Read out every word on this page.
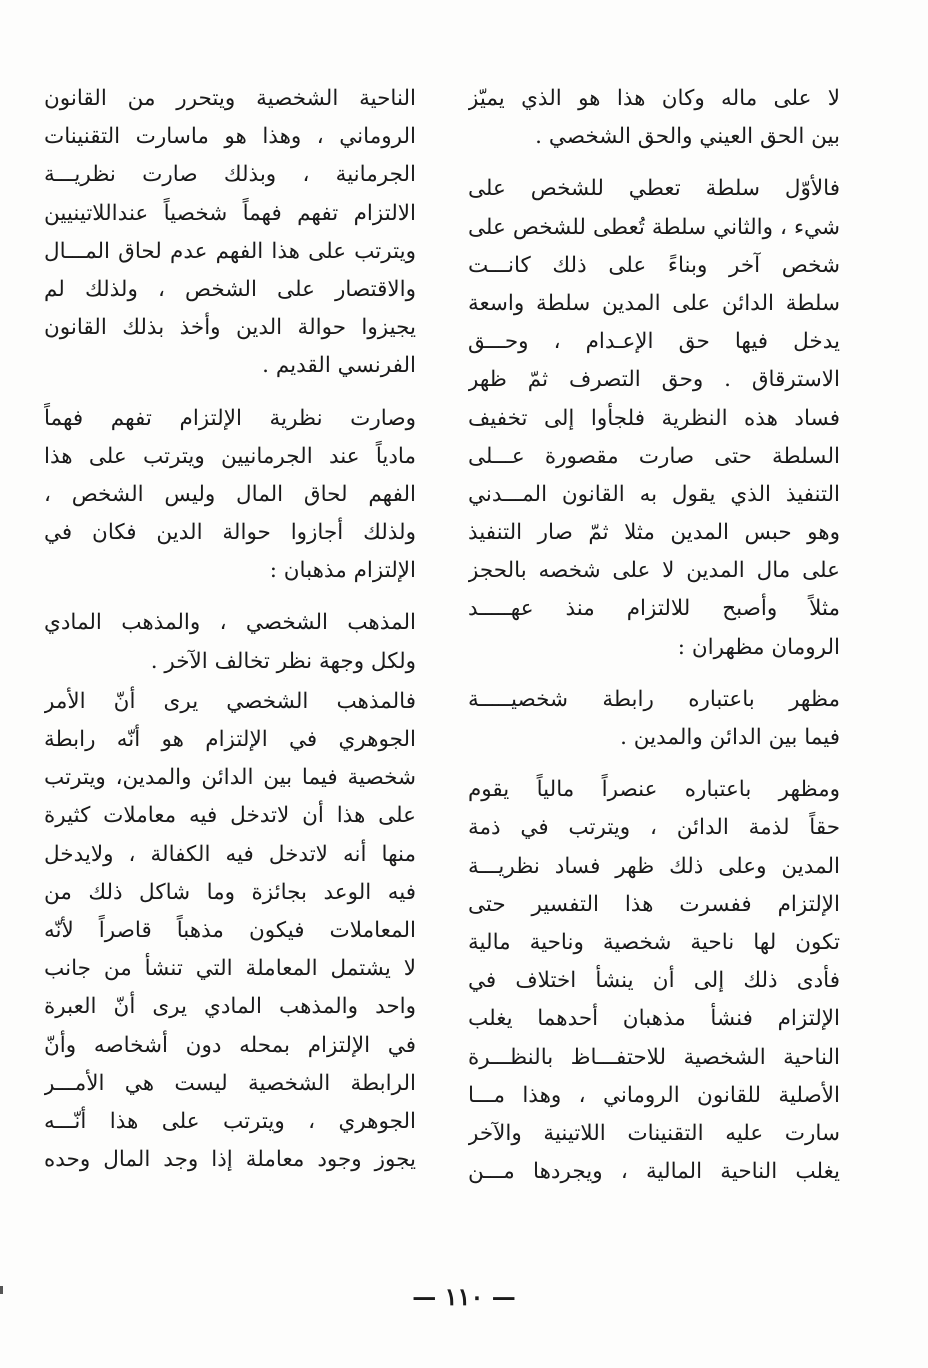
لا على ماله وكان هذا هو الذي يميّز
بين الحق العيني والحق الشخصي .
فالأوّل سلطة تعطي للشخص على
شيء ، والثاني سلطة تُعطى للشخص على
شخص آخر وبناءً على ذلك كانـــت
سلطة الدائن على المدين سلطة واسعة
يدخل فيها حق الإعـدام ، وحـــق
الاسترقاق . وحق التصرف ثمّ ظهر
فساد هذه النظرية فلجأوا إلى تخفيف
السلطة حتى صارت مقصورة عـــلى
التنفيذ الذي يقول به القانون المـــدني
وهو حبس المدين مثلا ثمّ صار التنفيذ
على مال المدين لا على شخصه بالحجز
مثلاً وأصبح للالتزام منذ عهـــــد
الرومان مظهران :
مظهر باعتباره رابطة شخصيـــــة
فيما بين الدائن والمدين .
ومظهر باعتباره عنصراً مالياً يقوم
حقاً لذمة الدائن ، ويترتب في ذمة
المدين وعلى ذلك ظهر فساد نظريـــة
الإلتزام ففسرت هذا التفسير حتى
تكون لها ناحية شخصية وناحية مالية
فأدى ذلك إلى أن ينشأ اختلاف في
الإلتزام فنشأ مذهبان أحدهما يغلب
الناحية الشخصية للاحتفـــاظ بالنظـــرة
الأصلية للقانون الروماني ، وهذا مـــا
سارت عليه التقنينات اللاتينية والآخر
يغلب الناحية المالية ، ويجردها مـــن
الناحية الشخصية ويتحرر من القانون
الروماني ، وهذا هو ماسارت التقنينات
الجرمانية ، وبذلك صارت نظريـــة
الالتزام تفهم فهماً شخصياً عنداللاتينيين
ويترتب على هذا الفهم عدم لحاق المـــال
والاقتصار على الشخص ، ولذلك لم
يجيزوا حوالة الدين وأخذ بذلك القانون
الفرنسي القديم .
وصارت نظرية الإلتزام تفهم فهماً
مادياً عند الجرمانيين ويترتب على هذا
الفهم لحاق المال وليس الشخص ،
ولذلك أجازوا حوالة الدين فكان في
الإلتزام مذهبان :
المذهب الشخصي ، والمذهب المادي
ولكل وجهة نظر تخالف الآخر .
فالمذهب الشخصي يرى أنّ الأمر
الجوهري في الإلتزام هو أنّه رابطة
شخصية فيما بين الدائن والمدين، ويترتب
على هذا أن لاتدخل فيه معاملات كثيرة
منها أنه لاتدخل فيه الكفالة ، ولايدخل
فيه الوعد بجائزة وما شاكل ذلك من
المعاملات فيكون مذهباً قاصراً لأنّه
لا يشتمل المعاملة التي تنشأ من جانب
واحد والمذهب المادي يرى أنّ العبرة
في الإلتزام بمحله دون أشخاصه وأنّ
الرابطة الشخصية ليست هي الأمـــر
الجوهري ، ويترتب على هذا أنّـــه
يجوز وجود معاملة إذا وجد المال وحده
— ١١٠ —
